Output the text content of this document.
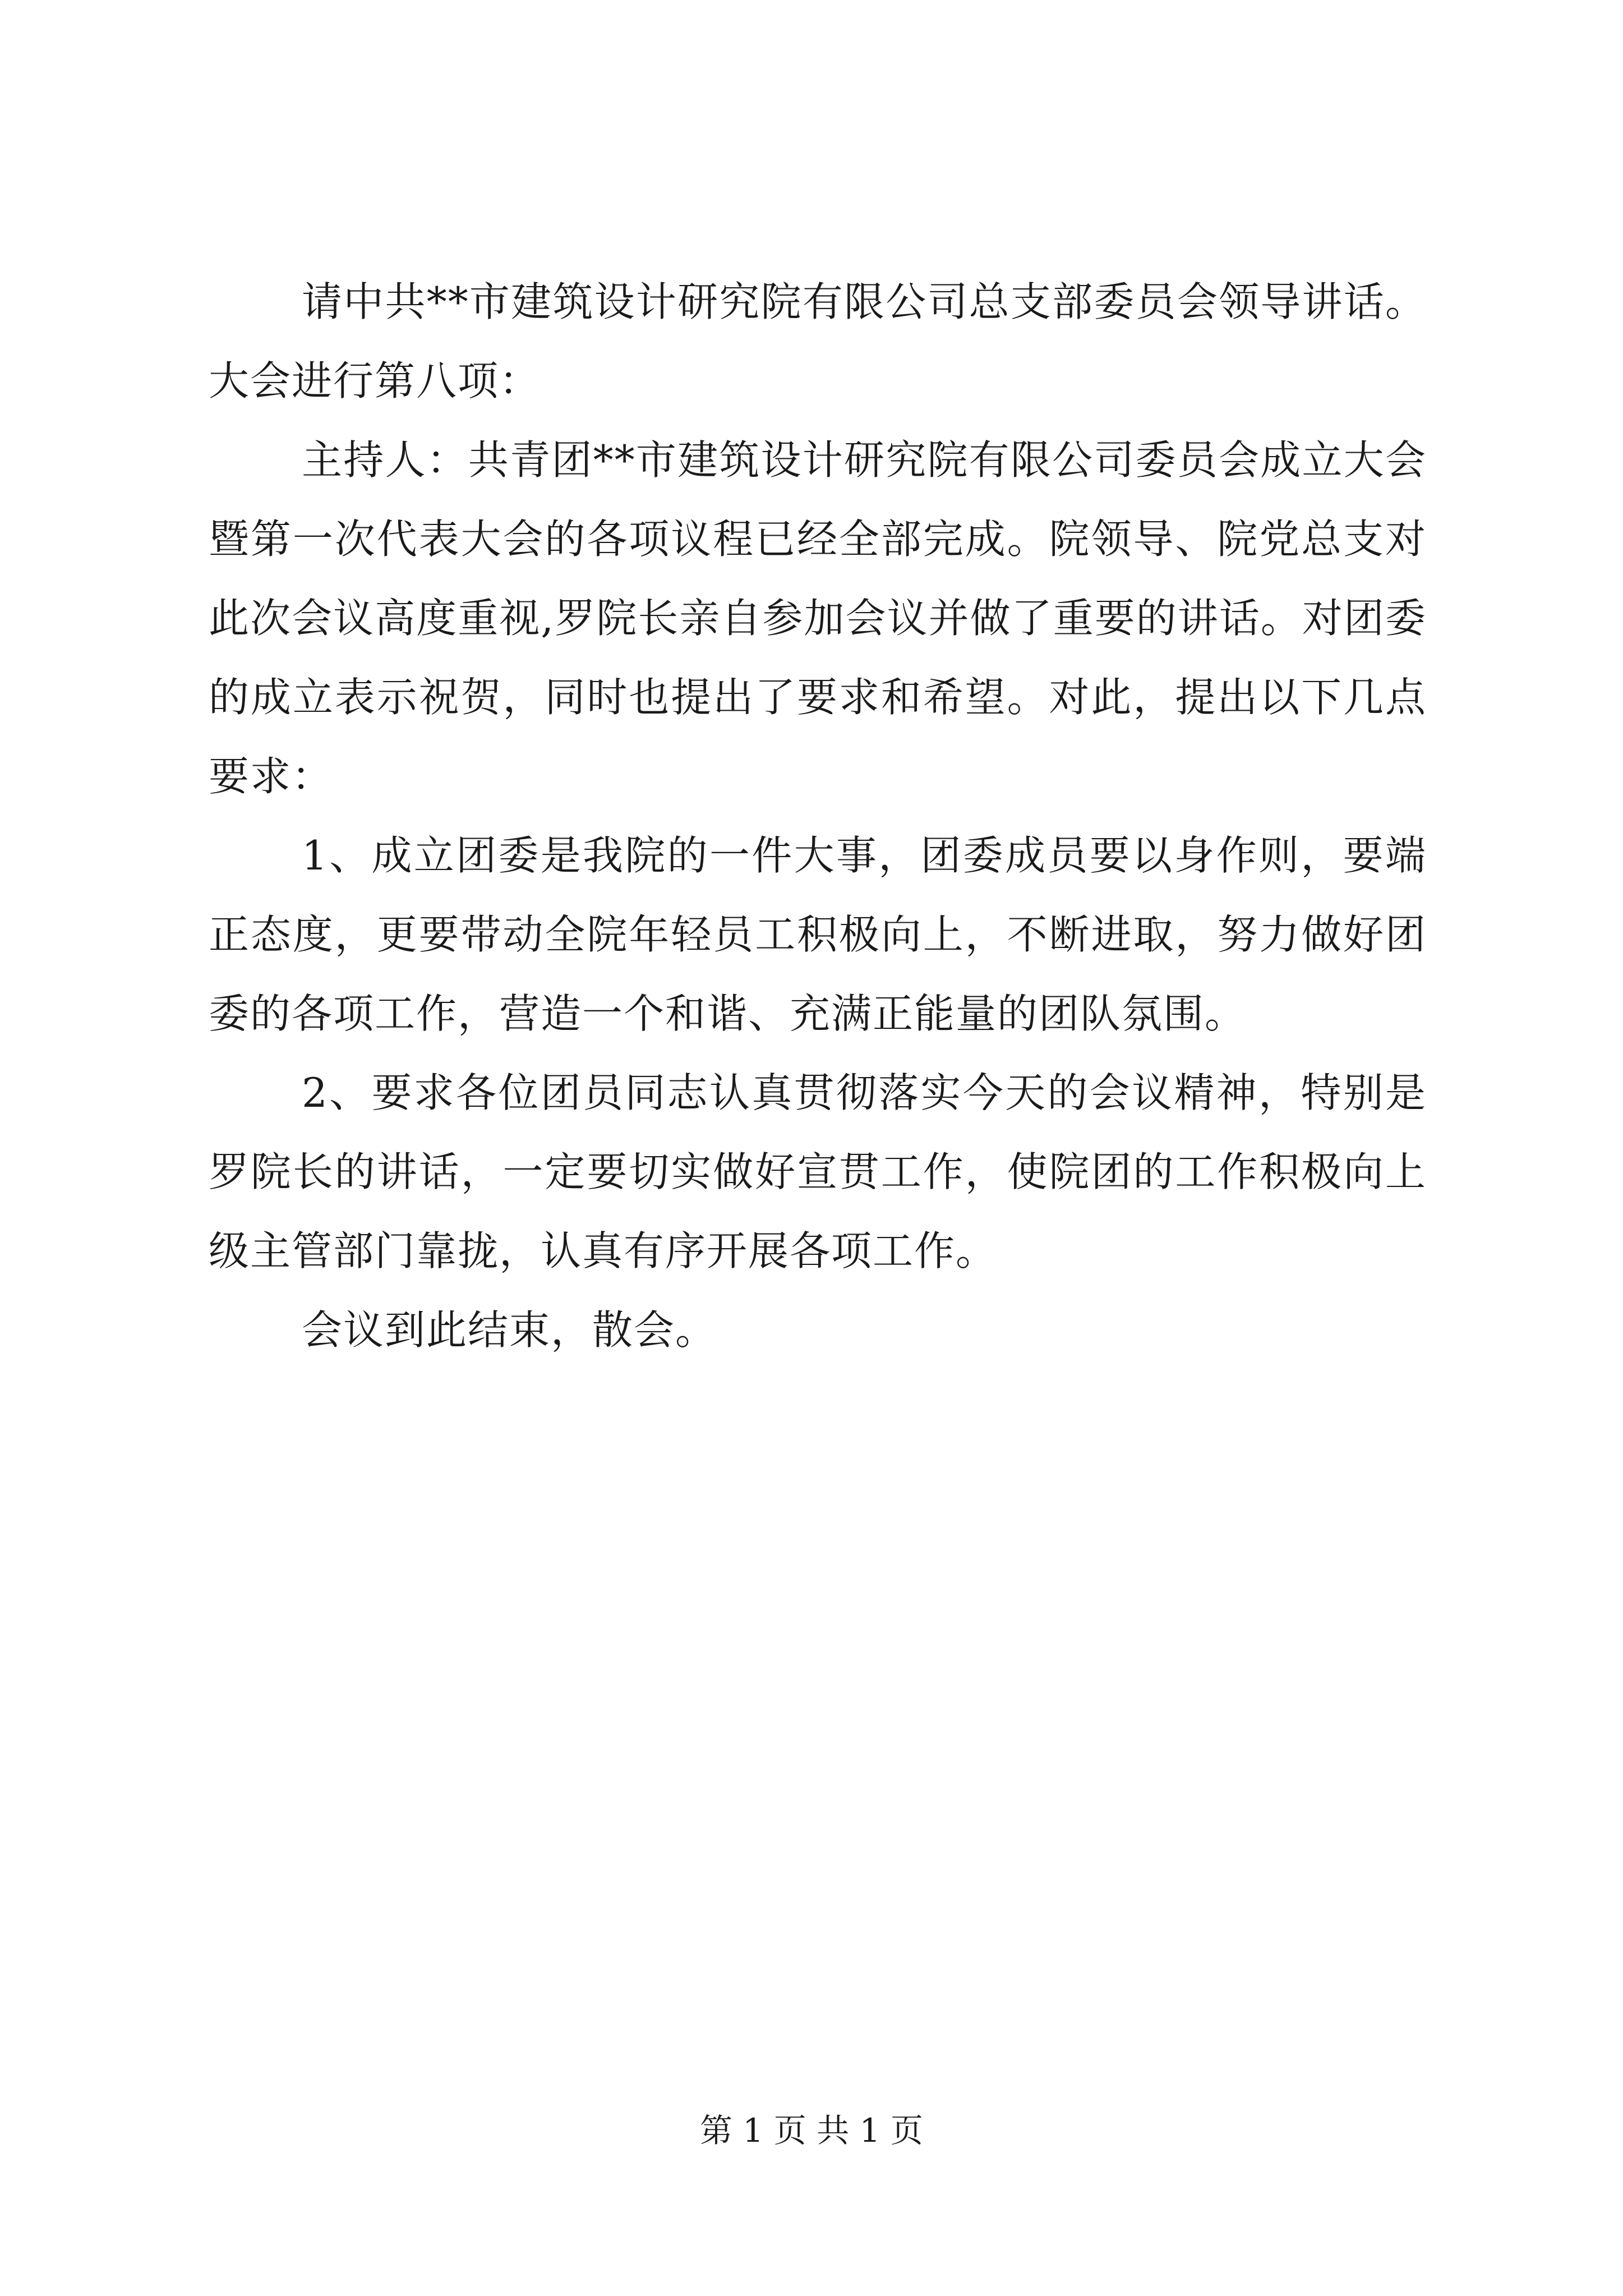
请中共**市建筑设计研究院有限公司总支部委员会领导讲话。大会进行第八项：

主持人：共青团**市建筑设计研究院有限公司委员会成立大会暨第一次代表大会的各项议程已经全部完成。院领导、院党总支对此次会议高度重视,罗院长亲自参加会议并做了重要的讲话。对团委的成立表示祝贺，同时也提出了要求和希望。对此，提出以下几点要求：

1、成立团委是我院的一件大事，团委成员要以身作则，要端正态度，更要带动全院年轻员工积极向上，不断进取，努力做好团委的各项工作，营造一个和谐、充满正能量的团队氛围。

2、要求各位团员同志认真贯彻落实今天的会议精神，特别是罗院长的讲话，一定要切实做好宣贯工作，使院团的工作积极向上级主管部门靠拢，认真有序开展各项工作。

会议到此结束，散会。

第 1 页 共 1 页
